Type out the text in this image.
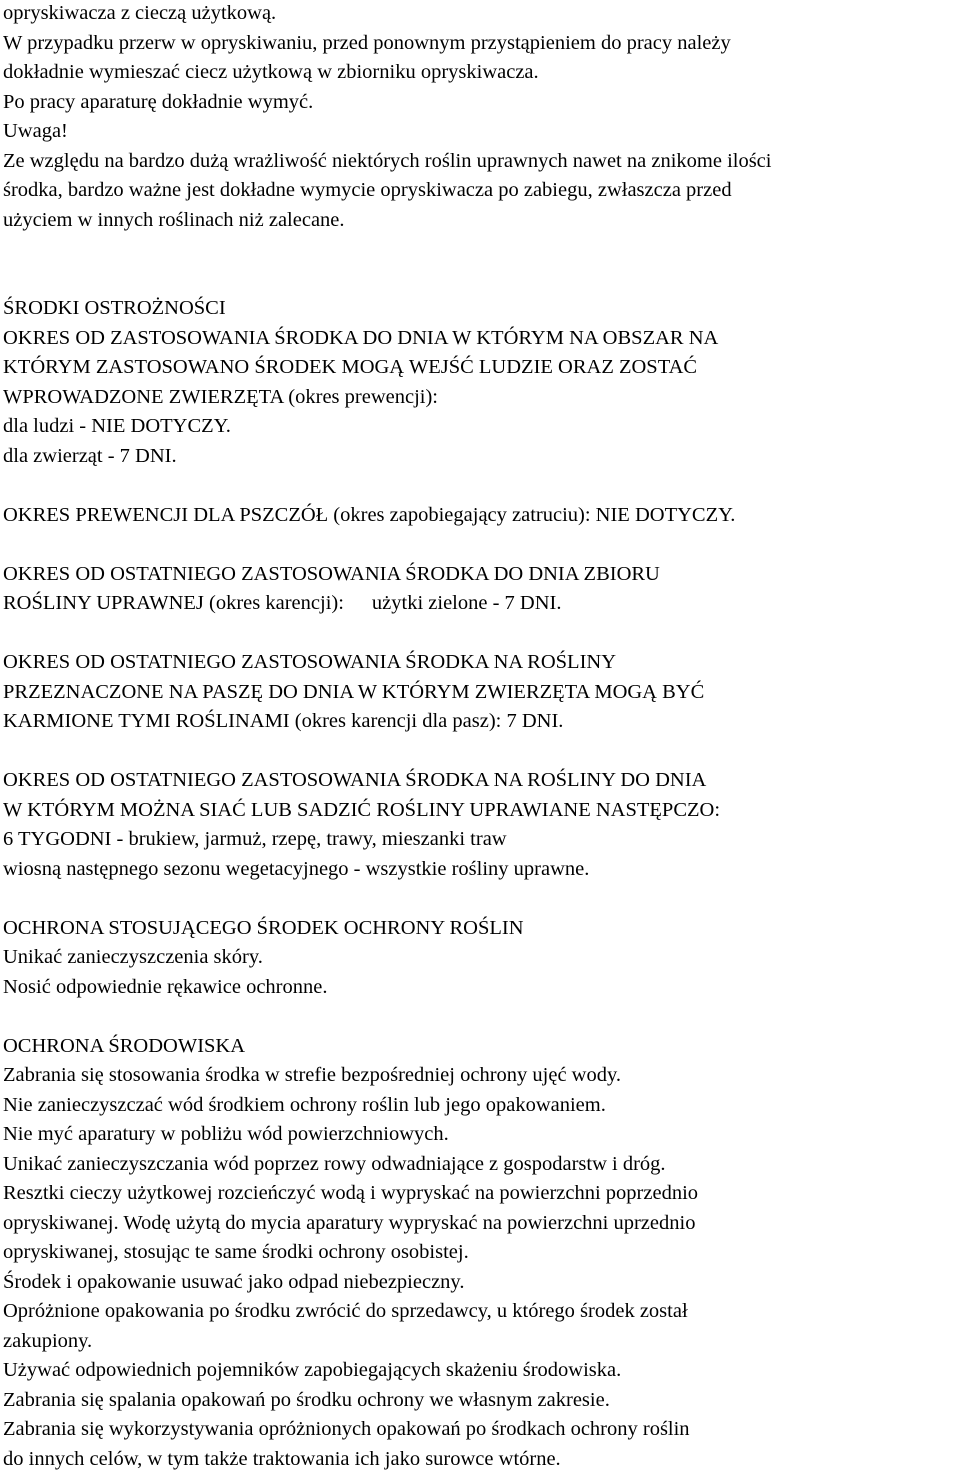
opryskiwacza z cieczą użytkową.
W przypadku przerw w opryskiwaniu, przed ponownym przystąpieniem do pracy należy
dokładnie wymieszać ciecz użytkową w zbiorniku opryskiwacza.
Po pracy aparaturę dokładnie wymyć.
Uwaga!
Ze względu na bardzo dużą wrażliwość niektórych roślin uprawnych nawet na znikome ilości
środka, bardzo ważne jest dokładne wymycie opryskiwacza po zabiegu, zwłaszcza przed
użyciem w innych roślinach niż zalecane.
ŚRODKI OSTROŻNOŚCI
OKRES OD ZASTOSOWANIA ŚRODKA DO DNIA W KTÓRYM NA OBSZAR NA
KTÓRYM ZASTOSOWANO ŚRODEK MOGĄ WEJŚĆ LUDZIE ORAZ ZOSTAĆ
WPROWADZONE ZWIERZĘTA (okres prewencji):
dla ludzi - NIE DOTYCZY.
dla zwierząt - 7 DNI.
OKRES PREWENCJI DLA PSZCZÓŁ (okres zapobiegający zatruciu): NIE DOTYCZY.
OKRES OD OSTATNIEGO ZASTOSOWANIA ŚRODKA DO DNIA ZBIORU
ROŚLINY UPRAWNEJ (okres karencji): użytki zielone - 7 DNI.
OKRES OD OSTATNIEGO ZASTOSOWANIA ŚRODKA NA ROŚLINY
PRZEZNACZONE NA PASZĘ DO DNIA W KTÓRYM ZWIERZĘTA MOGĄ BYĆ
KARMIONE TYMI ROŚLINAMI (okres karencji dla pasz): 7 DNI.
OKRES OD OSTATNIEGO ZASTOSOWANIA ŚRODKA NA ROŚLINY DO DNIA
W KTÓRYM MOŻNA SIAĆ LUB SADZIĆ ROŚLINY UPRAWIANE NASTĘPCZO:
6 TYGODNI - brukiew, jarmuż, rzepę, trawy, mieszanki traw
wiosną następnego sezonu wegetacyjnego - wszystkie rośliny uprawne.
OCHRONA STOSUJĄCEGO ŚRODEK OCHRONY ROŚLIN
Unikać zanieczyszczenia skóry.
Nosić odpowiednie rękawice ochronne.
OCHRONA ŚRODOWISKA
Zabrania się stosowania środka w strefie bezpośredniej ochrony ujęć wody.
Nie zanieczyszczać wód środkiem ochrony roślin lub jego opakowaniem.
Nie myć aparatury w pobliżu wód powierzchniowych.
Unikać zanieczyszczania wód poprzez rowy odwadniające z gospodarstw i dróg.
Resztki cieczy użytkowej rozcieńczyć wodą i wypryskać na powierzchni poprzednio
opryskiwanej. Wodę użytą do mycia aparatury wypryskać na powierzchni uprzednio
opryskiwanej, stosując te same środki ochrony osobistej.
Środek i opakowanie usuwać jako odpad niebezpieczny.
Opróżnione opakowania po środku zwrócić do sprzedawcy, u którego środek został
zakupiony.
Używać odpowiednich pojemników zapobiegających skażeniu środowiska.
Zabrania się spalania opakowań po środku ochrony we własnym zakresie.
Zabrania się wykorzystywania opróżnionych opakowań po środkach ochrony roślin
do innych celów, w tym także traktowania ich jako surowce wtórne.
